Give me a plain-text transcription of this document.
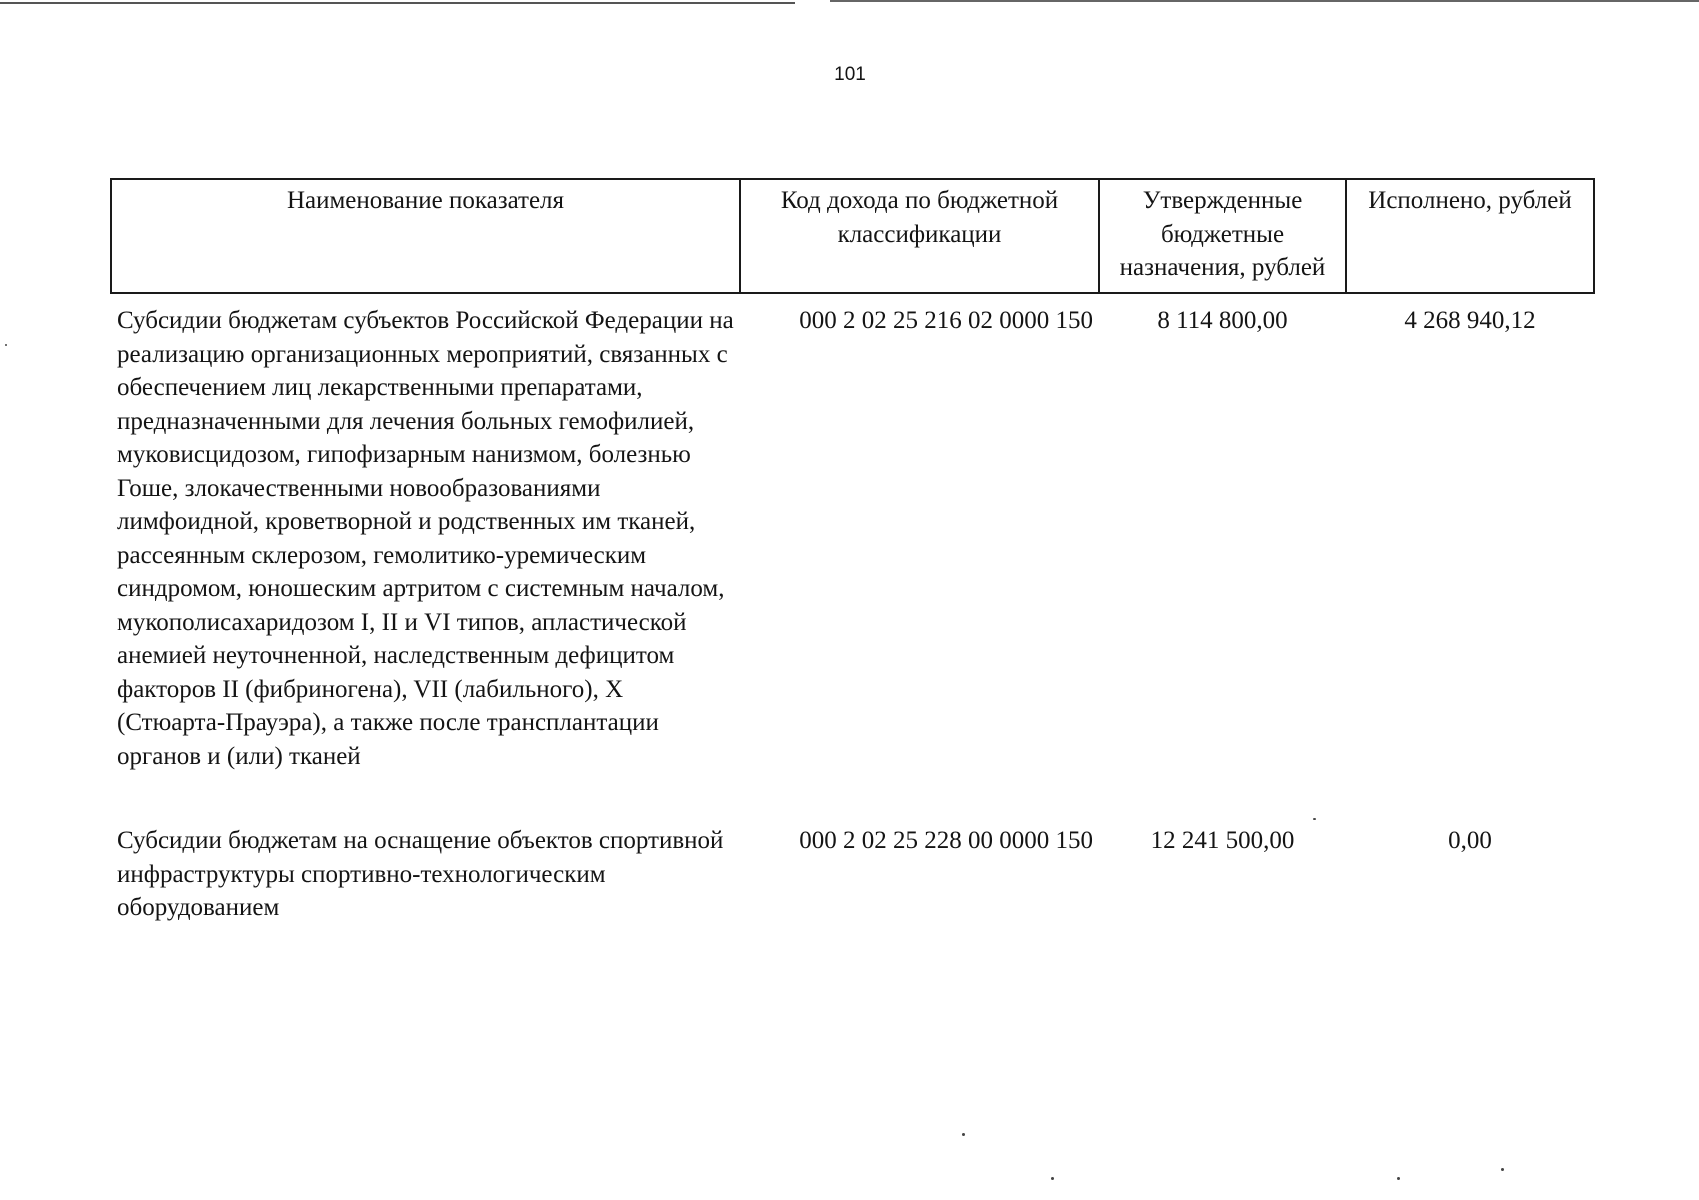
101
Наименование показателя	Код дохода по бюджетной классификации	Утвержденные бюджетные назначения, рублей	Исполнено, рублей
Субсидии бюджетам субъектов Российской Федерации на реализацию организационных мероприятий, связанных с обеспечением лиц лекарственными препаратами, предназначенными для лечения больных гемофилией, муковисцидозом, гипофизарным нанизмом, болезнью Гоше, злокачественными новообразованиями лимфоидной, кроветворной и родственных им тканей, рассеянным склерозом, гемолитико-уремическим синдромом, юношеским артритом с системным началом, мукополисахаридозом I, II и VI типов, апластической анемией неуточненной, наследственным дефицитом факторов II (фибриногена), VII (лабильного), X (Стюарта-Прауэра), а также после трансплантации органов и (или) тканей	000 2 02 25 216 02 0000 150	8 114 800,00	4 268 940,12
Субсидии бюджетам на оснащение объектов спортивной инфраструктуры спортивно-технологическим оборудованием	000 2 02 25 228 00 0000 150	12 241 500,00	0,00
